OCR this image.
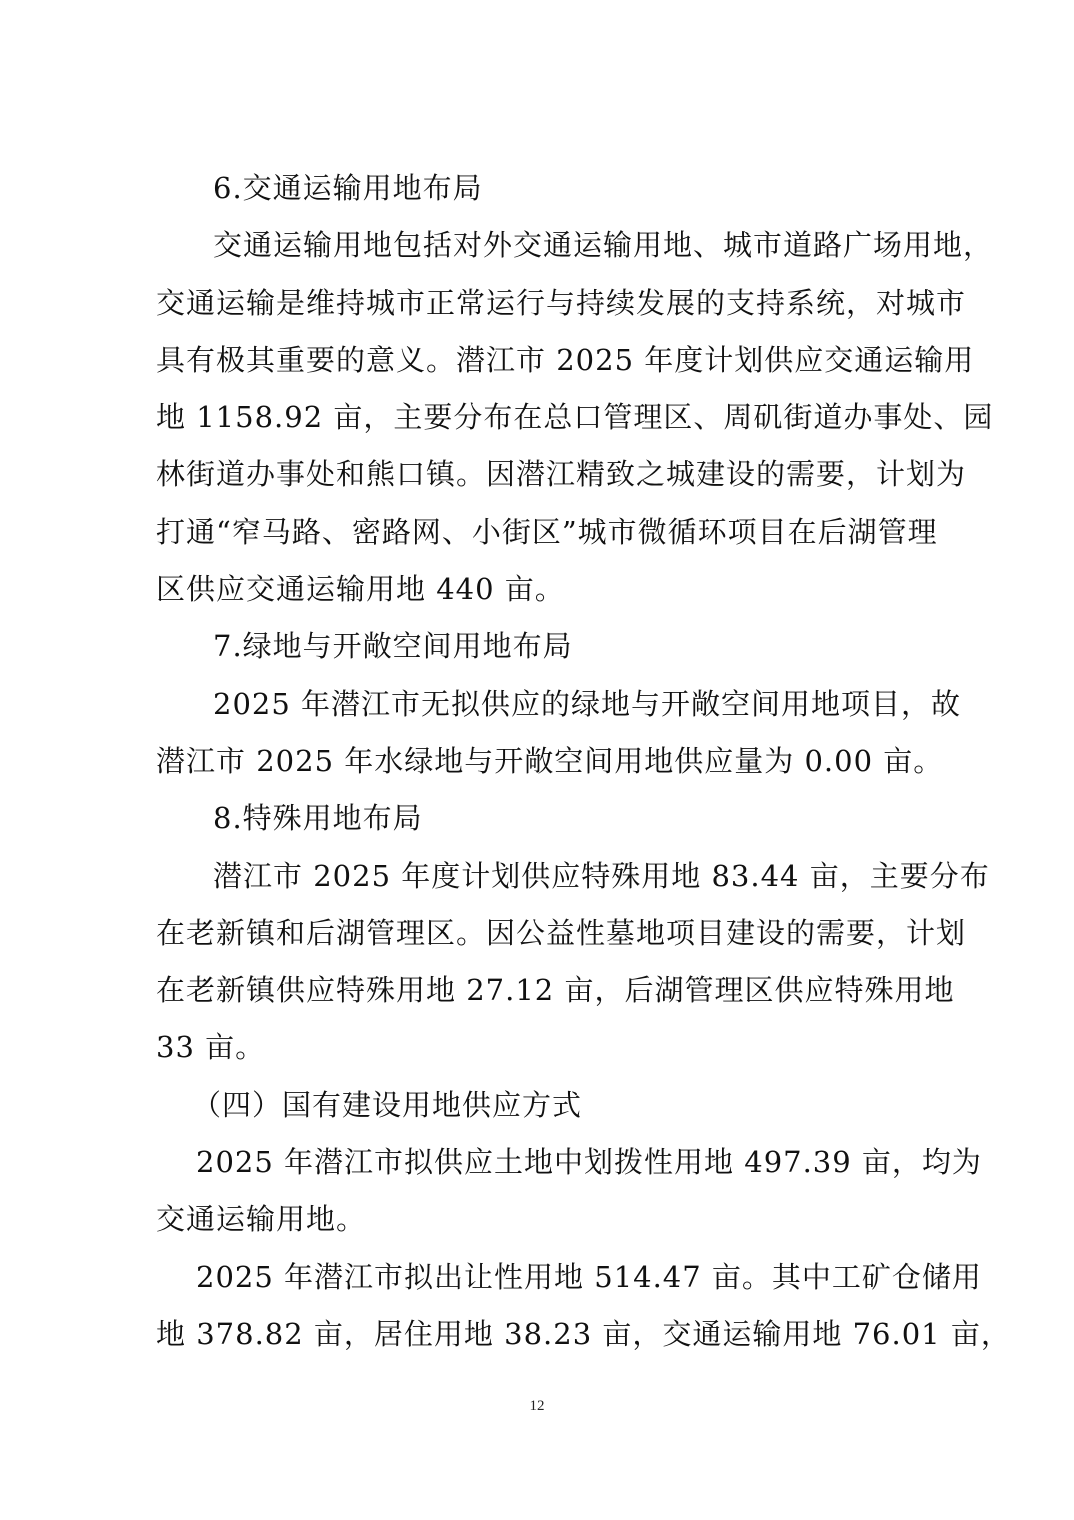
6.交通运输用地布局
交通运输用地包括对外交通运输用地、城市道路广场用地，
交通运输是维持城市正常运行与持续发展的支持系统，对城市
具有极其重要的意义。潜江市 2025 年度计划供应交通运输用
地 1158.92 亩，主要分布在总口管理区、周矶街道办事处、园
林街道办事处和熊口镇。因潜江精致之城建设的需要，计划为
打通“窄马路、密路网、小街区”城市微循环项目在后湖管理
区供应交通运输用地 440 亩。
7.绿地与开敞空间用地布局
2025 年潜江市无拟供应的绿地与开敞空间用地项目，故
潜江市 2025 年水绿地与开敞空间用地供应量为 0.00 亩。
8.特殊用地布局
潜江市 2025 年度计划供应特殊用地 83.44 亩，主要分布
在老新镇和后湖管理区。因公益性墓地项目建设的需要，计划
在老新镇供应特殊用地 27.12 亩，后湖管理区供应特殊用地
33 亩。
（四）国有建设用地供应方式
2025 年潜江市拟供应土地中划拨性用地 497.39 亩，均为
交通运输用地。
2025 年潜江市拟出让性用地 514.47 亩。其中工矿仓储用
地 378.82 亩，居住用地 38.23 亩，交通运输用地 76.01 亩，
12
